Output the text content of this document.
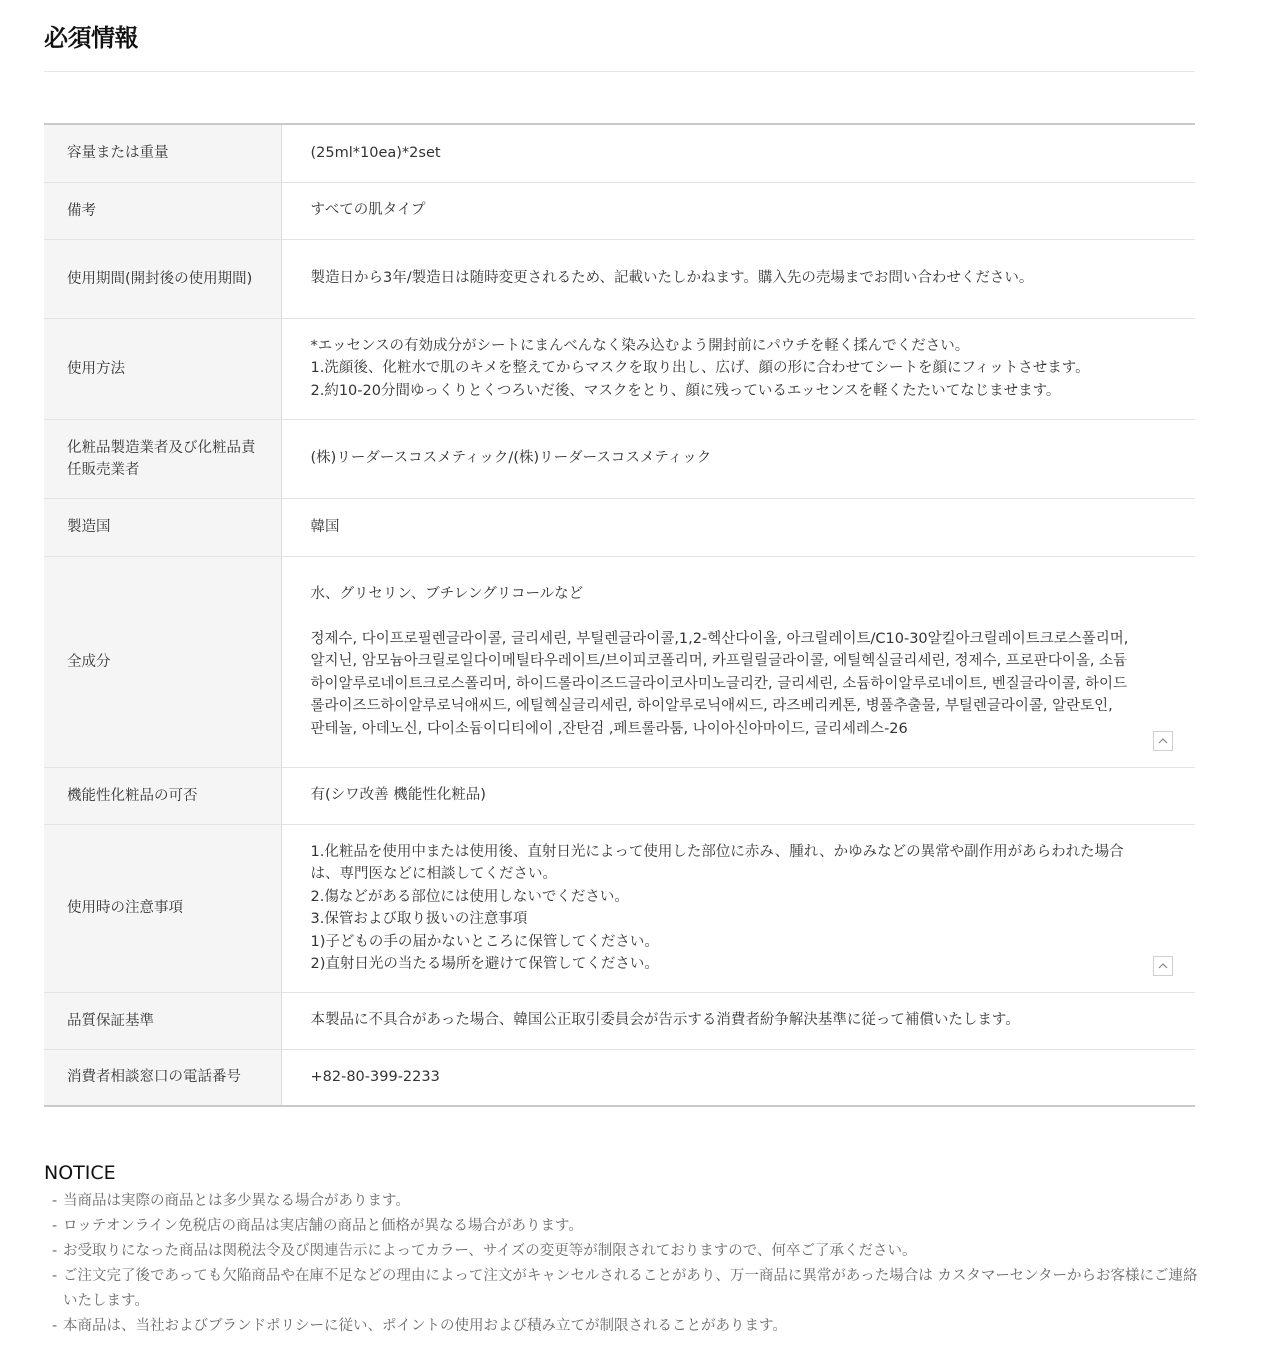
必須情報
容量または重量	(25ml*10ea)*2set
備考	すべての肌タイプ
使用期間(開封後の使用期間)	製造日から3年/製造日は随時変更されるため、記載いたしかねます。購入先の売場までお問い合わせください。
使用方法	*エッセンスの有効成分がシートにまんべんなく染み込むよう開封前にパウチを軽く揉んでください。
1.洗顔後、化粧水で肌のキメを整えてからマスクを取り出し、広げ、顔の形に合わせてシートを顔にフィットさせます。
2.約10-20分間ゆっくりとくつろいだ後、マスクをとり、顔に残っているエッセンスを軽くたたいてなじませます。
化粧品製造業者及び化粧品責任販売業者	(株)リーダースコスメティック/(株)リーダースコスメティック
製造国	韓国
全成分	水、グリセリン、ブチレングリコールなど
정제수, 다이프로필렌글라이콜, 글리세린, 부틸렌글라이콜,1,2-헥산다이올, 아크릴레이트/C10-30알킬아크릴레이트크로스폴리머, 알지닌, 암모늄아크릴로일다이메틸타우레이트/브이피코폴리머, 카프릴릴글라이콜, 에틸헥실글리세린, 정제수, 프로판다이올, 소듐하이알루로네이트크로스폴리머, 하이드롤라이즈드글라이코사미노글리칸, 글리세린, 소듐하이알루로네이트, 벤질글라이콜, 하이드롤라이즈드하이알루로닉애씨드, 에틸헥실글리세린, 하이알루로닉애씨드, 라즈베리케톤, 병풀추출물, 부틸렌글라이콜, 알란토인, 판테놀, 아데노신, 다이소듐이디티에이 ,잔탄검 ,페트롤라툼, 나이아신아마이드, 글리세레스-26

機能性化粧品の可否	有(シワ改善 機能性化粧品)
使用時の注意事項	1.化粧品を使用中または使用後、直射日光によって使用した部位に赤み、腫れ、かゆみなどの異常や副作用があらわれた場合は、専門医などに相談してください。
2.傷などがある部位には使用しないでください。
3.保管および取り扱いの注意事項
1)子どもの手の届かないところに保管してください。
2)直射日光の当たる場所を避けて保管してください。

品質保証基準	本製品に不具合があった場合、韓国公正取引委員会が告示する消費者紛争解決基準に従って補償いたします。
消費者相談窓口の電話番号	+82-80-399-2233
NOTICE
- 当商品は実際の商品とは多少異なる場合があります。
- ロッテオンライン免税店の商品は実店舗の商品と価格が異なる場合があります。
- お受取りになった商品は関税法令及び関連告示によってカラー、サイズの変更等が制限されておりますので、何卒ご了承ください。
- ご注文完了後であっても欠陥商品や在庫不足などの理由によって注文がキャンセルされることがあり、万一商品に異常があった場合は カスタマーセンターからお客様にご連絡いたします。
- 本商品は、当社およびブランドポリシーに従い、ポイントの使用および積み立てが制限されることがあります。
